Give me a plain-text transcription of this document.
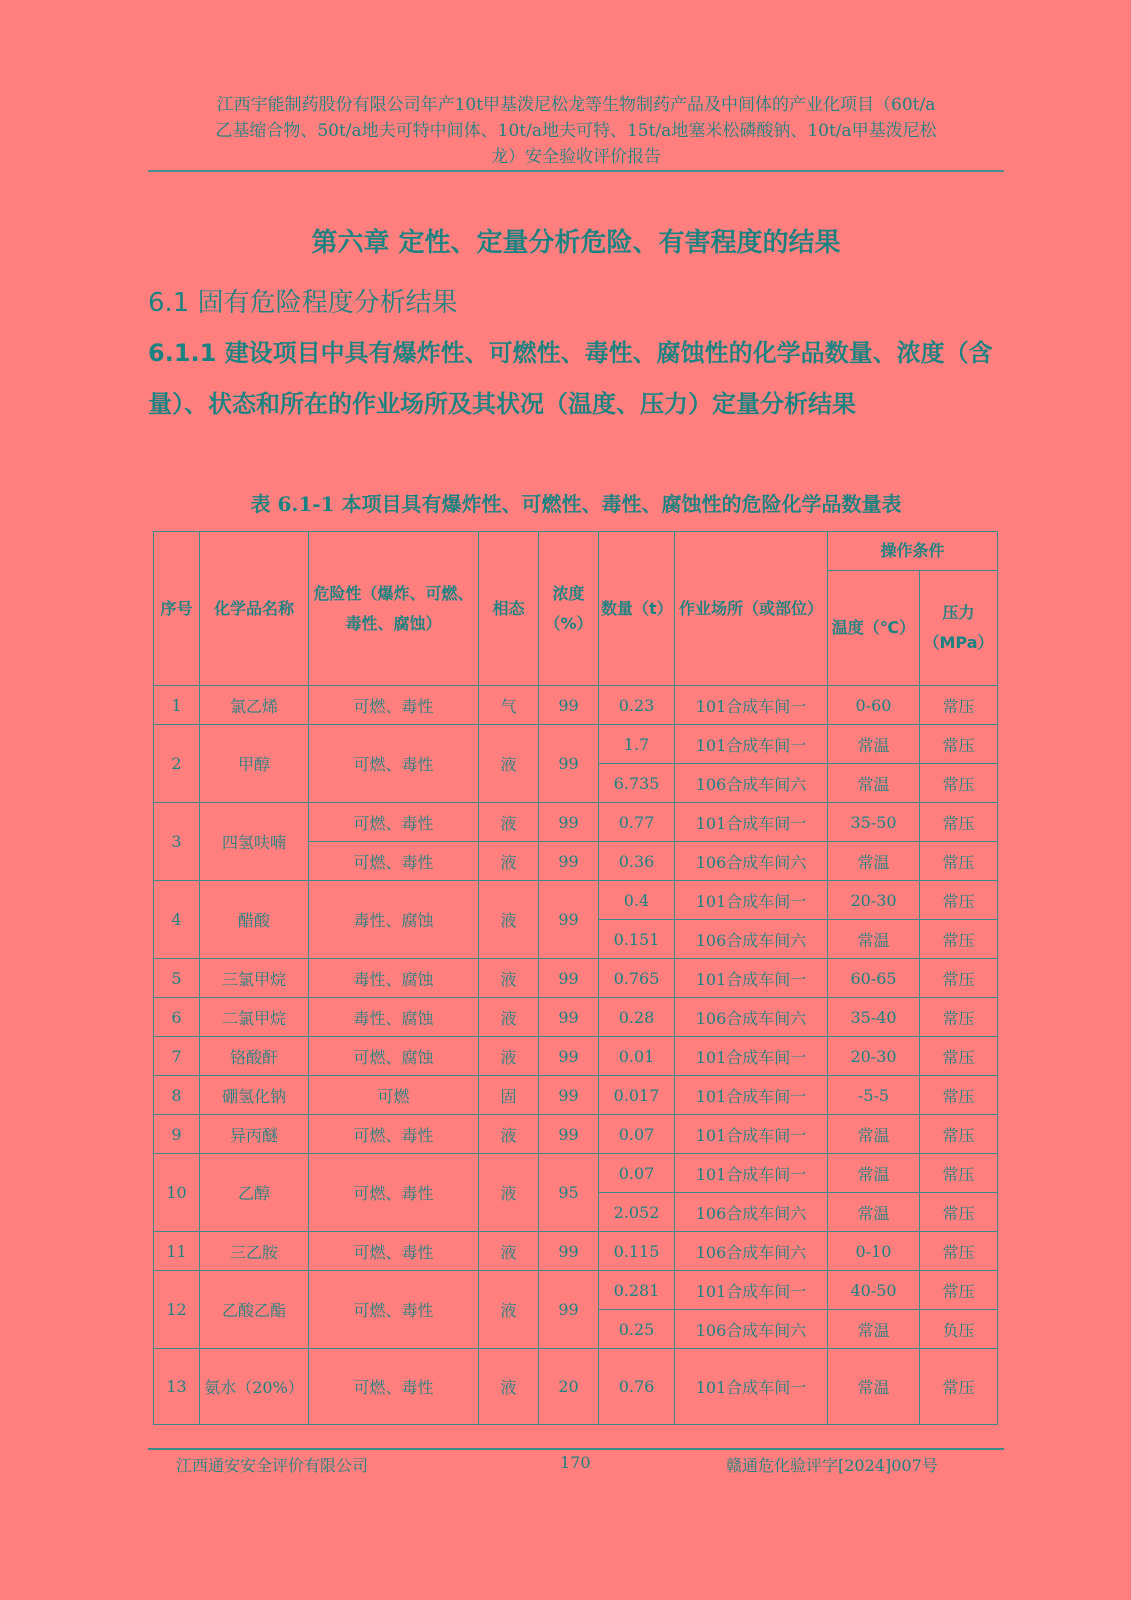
江西宇能制药股份有限公司年产10t甲基泼尼松龙等生物制药产品及中间体的产业化项目（60t/a
乙基缩合物、50t/a地夫可特中间体、10t/a地夫可特、15t/a地塞米松磷酸钠、10t/a甲基泼尼松
龙）安全验收评价报告
第六章 定性、定量分析危险、有害程度的结果
6.1 固有危险程度分析结果
6.1.1 建设项目中具有爆炸性、可燃性、毒性、腐蚀性的化学品数量、浓度（含量）、状态和所在的作业场所及其状况（温度、压力）定量分析结果
表 6.1-1 本项目具有爆炸性、可燃性、毒性、腐蚀性的危险化学品数量表
序号	化学品名称	危险性（爆炸、可燃、毒性、腐蚀）	相态	浓度（%）	数量（t）	作业场所（或部位）	操作条件	
							温度（℃）	压力（MPa）
1	氯乙烯	可燃、毒性	气	99	0.23	101合成车间一	0-60	常压
2	甲醇	可燃、毒性	液	99	1.7	101合成车间一	常温	常压
					6.735	106合成车间六	常温	常压
3	四氢呋喃	可燃、毒性	液	99	0.77	101合成车间一	35-50	常压
		可燃、毒性	液	99	0.36	106合成车间六	常温	常压
4	醋酸	毒性、腐蚀	液	99	0.4	101合成车间一	20-30	常压
					0.151	106合成车间六	常温	常压
5	三氯甲烷	毒性、腐蚀	液	99	0.765	101合成车间一	60-65	常压
6	二氯甲烷	毒性、腐蚀	液	99	0.28	106合成车间六	35-40	常压
7	铬酸酐	可燃、腐蚀	液	99	0.01	101合成车间一	20-30	常压
8	硼氢化钠	可燃	固	99	0.017	101合成车间一	-5-5	常压
9	异丙醚	可燃、毒性	液	99	0.07	101合成车间一	常温	常压
10	乙醇	可燃、毒性	液	95	0.07	101合成车间一	常温	常压
					2.052	106合成车间六	常温	常压
11	三乙胺	可燃、毒性	液	99	0.115	106合成车间六	0-10	常压
12	乙酸乙酯	可燃、毒性	液	99	0.281	101合成车间一	40-50	常压
					0.25	106合成车间六	常温	负压
13	氨水（20%）	可燃、毒性	液	20	0.76	101合成车间一	常温	常压
江西通安安全评价有限公司	170	赣通危化验评字[2024]007号
